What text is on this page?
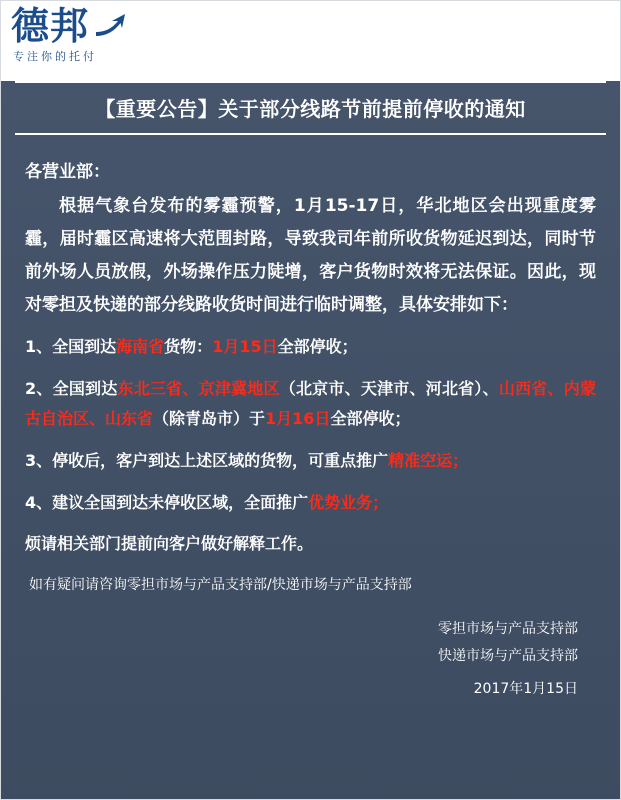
德邦
专注你的托付
【重要公告】关于部分线路节前提前停收的通知
各营业部：

根据气象台发布的雾霾预警，1月15-17日，华北地区会出现重度雾霾，届时霾区高速将大范围封路，导致我司年前所收货物延迟到达，同时节前外场人员放假，外场操作压力陡增，客户货物时效将无法保证。因此，现对零担及快递的部分线路收货时间进行临时调整，具体安排如下：

1、全国到达海南省货物：1月15日全部停收；
2、全国到达东北三省、京津冀地区（北京市、天津市、河北省）、山西省、内蒙古自治区、山东省（除青岛市）于1月16日全部停收；
3、停收后，客户到达上述区域的货物，可重点推广精准空运；
4、建议全国到达未停收区域，全面推广优势业务；
烦请相关部门提前向客户做好解释工作。
如有疑问请咨询零担市场与产品支持部/快递市场与产品支持部
零担市场与产品支持部
快递市场与产品支持部
2017年1月15日
